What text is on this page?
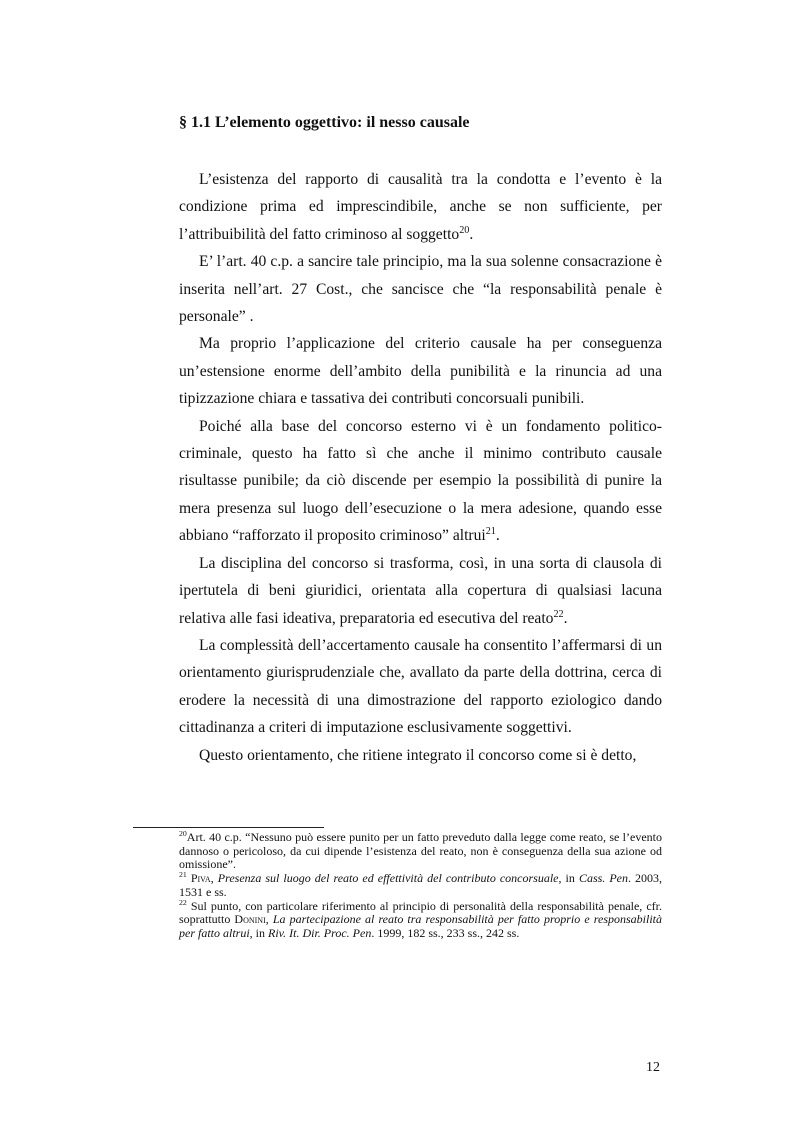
§ 1.1 L’elemento oggettivo: il nesso causale

L’esistenza del rapporto di causalità tra la condotta e l’evento è la condizione prima ed imprescindibile, anche se non sufficiente, per l’attribuibilità del fatto criminoso al soggetto$^{20}$.

E’ l’art. 40 c.p. a sancire tale principio, ma la sua solenne consacrazione è inserita nell’art. 27 Cost., che sancisce che “la responsabilità penale è personale” .

Ma proprio l’applicazione del criterio causale ha per conseguenza un’estensione enorme dell’ambito della punibilità e la rinuncia ad una tipizzazione chiara e tassativa dei contributi concorsuali punibili.

Poiché alla base del concorso esterno vi è un fondamento politico-criminale, questo ha fatto sì che anche il minimo contributo causale risultasse punibile; da ciò discende per esempio la possibilità di punire la mera presenza sul luogo dell’esecuzione o la mera adesione, quando esse abbiano “rafforzato il proposito criminoso” altrui$^{21}$.

La disciplina del concorso si trasforma, così, in una sorta di clausola di ipertutela di beni giuridici, orientata alla copertura di qualsiasi lacuna relativa alle fasi ideativa, preparatoria ed esecutiva del reato$^{22}$.

La complessità dell’accertamento causale ha consentito l’affermarsi di un orientamento giurisprudenziale che, avallato da parte della dottrina, cerca di erodere la necessità di una dimostrazione del rapporto eziologico dando cittadinanza a criteri di imputazione esclusivamente soggettivi.

Questo orientamento, che ritiene integrato il concorso come si è detto,

$^{20}$Art. 40 c.p. “Nessuno può essere punito per un fatto preveduto dalla legge come reato, se l’evento dannoso o pericoloso, da cui dipende l’esistenza del reato, non è conseguenza della sua azione od omissione”.

$^{21}$ Piva, Presenza sul luogo del reato ed effettività del contributo concorsuale, in Cass. Pen. 2003, 1531 e ss.

$^{22}$ Sul punto, con particolare riferimento al principio di personalità della responsabilità penale, cfr. soprattutto Donini, La partecipazione al reato tra responsabilità per fatto proprio e responsabilità per fatto altrui, in Riv. It. Dir. Proc. Pen. 1999, 182 ss., 233 ss., 242 ss.

12
